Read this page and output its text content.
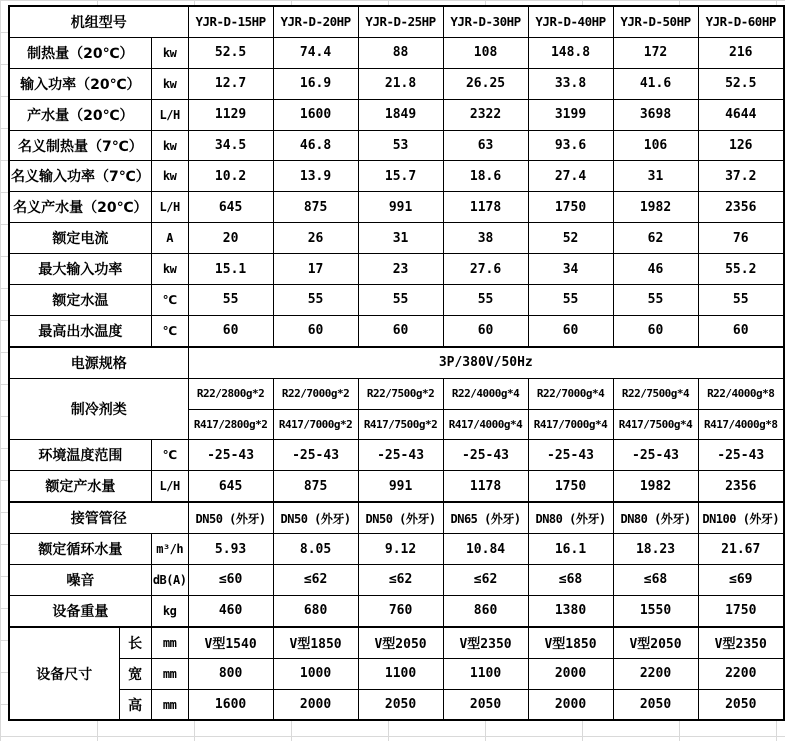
机组型号			YJR-D-15HP	YJR-D-20HP	YJR-D-25HP	YJR-D-30HP	YJR-D-40HP	YJR-D-50HP	YJR-D-60HP
制热量（20℃）		kw	52.5	74.4	88	108	148.8	172	216
输入功率（20℃）		kw	12.7	16.9	21.8	26.25	33.8	41.6	52.5
产水量（20℃）		L/H	1129	1600	1849	2322	3199	3698	4644
名义制热量（7℃）		kw	34.5	46.8	53	63	93.6	106	126
名义输入功率（7℃）		kw	10.2	13.9	15.7	18.6	27.4	31	37.2
名义产水量（20℃）		L/H	645	875	991	1178	1750	1982	2356
额定电流		A	20	26	31	38	52	62	76
最大输入功率		kw	15.1	17	23	27.6	34	46	55.2
额定水温		℃	55	55	55	55	55	55	55
最高出水温度		℃	60	60	60	60	60	60	60
电源规格			3P/380V/50Hz						
制冷剂类			R22/2800g*2	R22/7000g*2	R22/7500g*2	R22/4000g*4	R22/7000g*4	R22/7500g*4	R22/4000g*8
			R417/2800g*2	R417/7000g*2	R417/7500g*2	R417/4000g*4	R417/7000g*4	R417/7500g*4	R417/4000g*8
环境温度范围		℃	-25-43	-25-43	-25-43	-25-43	-25-43	-25-43	-25-43
额定产水量		L/H	645	875	991	1178	1750	1982	2356
接管管径			DN50 (外牙)	DN50 (外牙)	DN50 (外牙)	DN65 (外牙)	DN80 (外牙)	DN80 (外牙)	DN100 (外牙)
额定循环水量		m³/h	5.93	8.05	9.12	10.84	16.1	18.23	21.67
噪音		dB(A)	≤60	≤62	≤62	≤62	≤68	≤68	≤69
设备重量		kg	460	680	760	860	1380	1550	1750
设备尺寸	长	mm	V型1540	V型1850	V型2050	V型2350	V型1850	V型2050	V型2350
	宽	mm	800	1000	1100	1100	2000	2200	2200
	高	mm	1600	2000	2050	2050	2000	2050	2050
